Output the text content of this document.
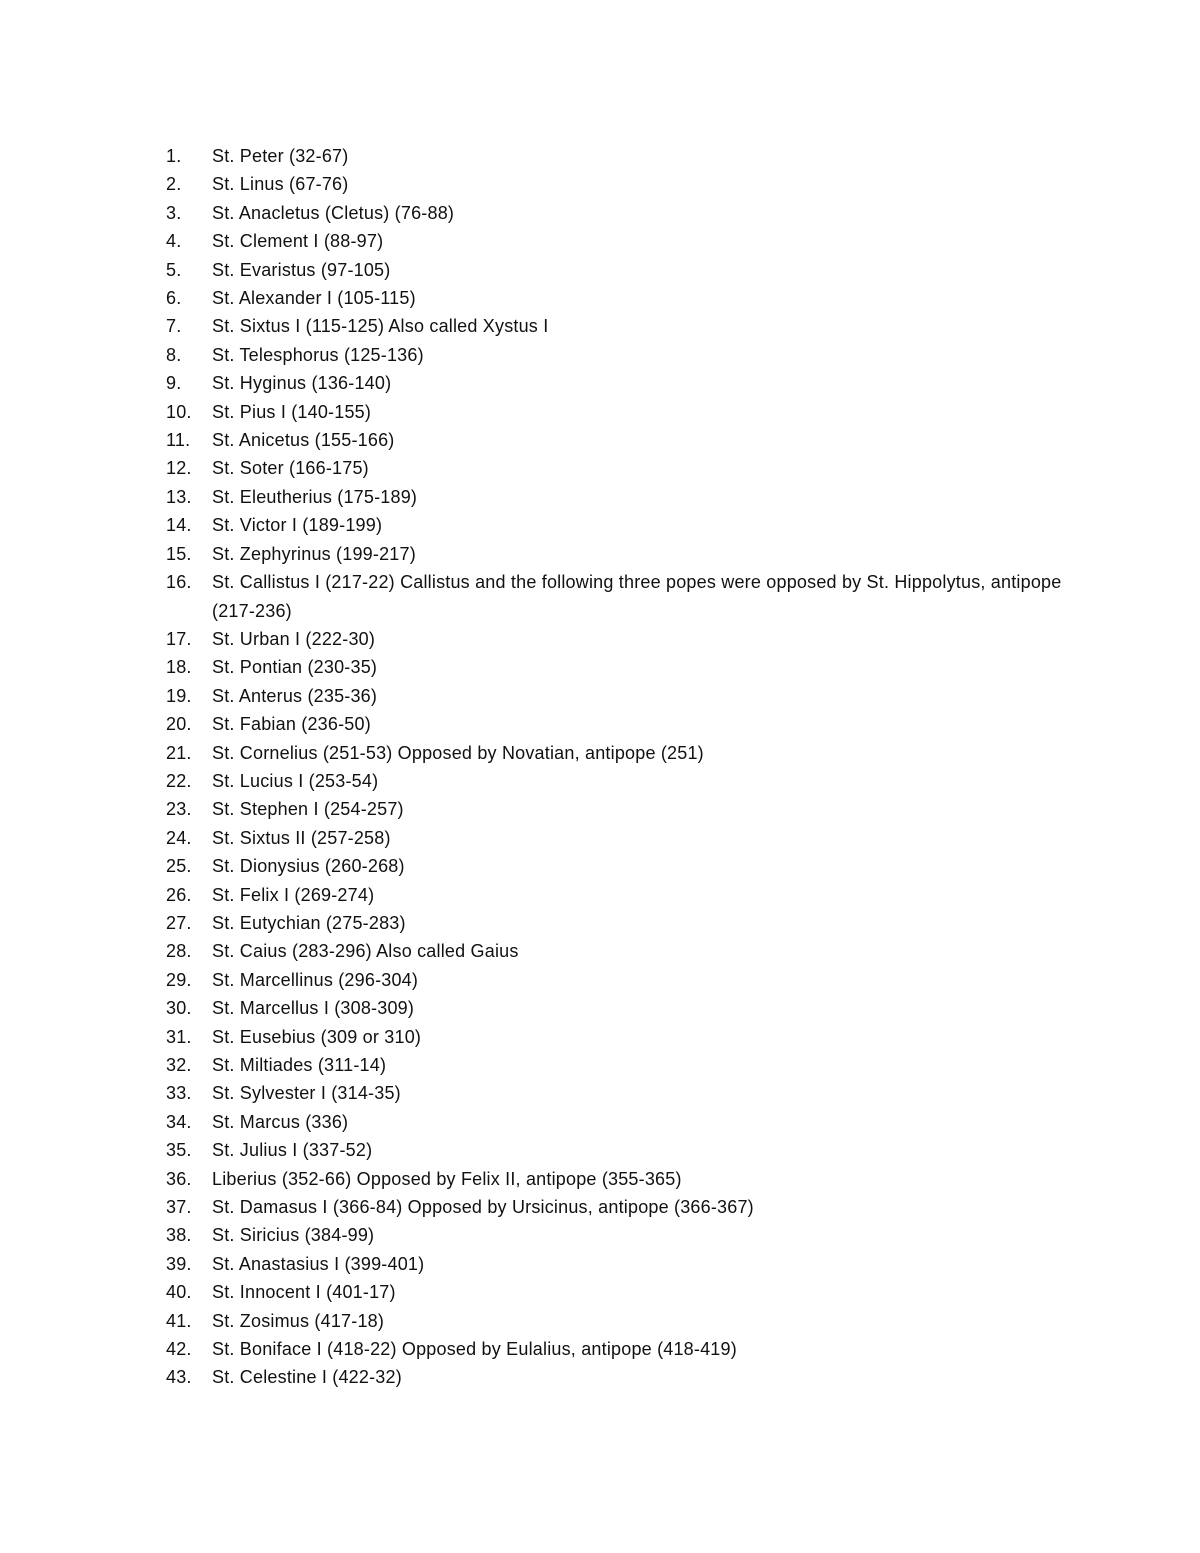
1.	St. Peter (32-67)
2.	St. Linus (67-76)
3.	St. Anacletus (Cletus) (76-88)
4.	St. Clement I (88-97)
5.	St. Evaristus (97-105)
6.	St. Alexander I (105-115)
7.	St. Sixtus I (115-125) Also called Xystus I
8.	St. Telesphorus (125-136)
9.	St. Hyginus (136-140)
10.	St. Pius I (140-155)
11.	St. Anicetus (155-166)
12.	St. Soter (166-175)
13.	St. Eleutherius (175-189)
14.	St. Victor I (189-199)
15.	St. Zephyrinus (199-217)
16.	St. Callistus I (217-22) Callistus and the following three popes were opposed by St. Hippolytus, antipope (217-236)
17.	St. Urban I (222-30)
18.	St. Pontian (230-35)
19.	St. Anterus (235-36)
20.	St. Fabian (236-50)
21.	St. Cornelius (251-53) Opposed by Novatian, antipope (251)
22.	St. Lucius I (253-54)
23.	St. Stephen I (254-257)
24.	St. Sixtus II (257-258)
25.	St. Dionysius (260-268)
26.	St. Felix I (269-274)
27.	St. Eutychian (275-283)
28.	St. Caius (283-296) Also called Gaius
29.	St. Marcellinus (296-304)
30.	St. Marcellus I (308-309)
31.	St. Eusebius (309 or 310)
32.	St. Miltiades (311-14)
33.	St. Sylvester I (314-35)
34.	St. Marcus (336)
35.	St. Julius I (337-52)
36.	Liberius (352-66) Opposed by Felix II, antipope (355-365)
37.	St. Damasus I (366-84) Opposed by Ursicinus, antipope (366-367)
38.	St. Siricius (384-99)
39.	St. Anastasius I (399-401)
40.	St. Innocent I (401-17)
41.	St. Zosimus (417-18)
42.	St. Boniface I (418-22) Opposed by Eulalius, antipope (418-419)
43.	St. Celestine I (422-32)
